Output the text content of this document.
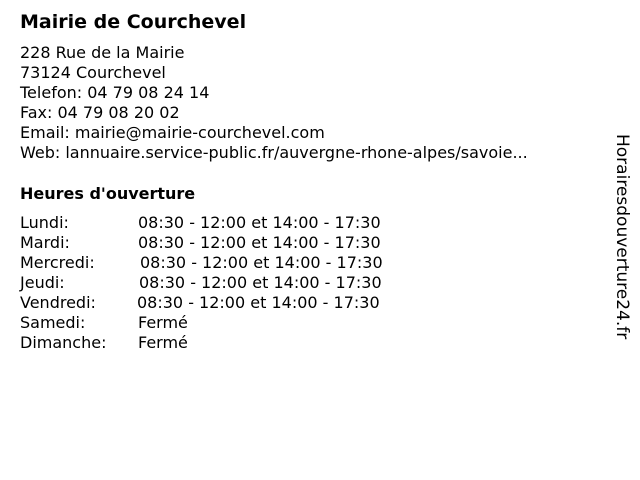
Mairie de Courchevel
228 Rue de la Mairie
73124 Courchevel
Telefon: 04 79 08 24 14
Fax: 04 79 08 20 02
Email: mairie@mairie-courchevel.com
Web: lannuaire.service-public.fr/auvergne-rhone-alpes/savoie...
Heures d'ouverture
Lundi:	08:30 - 12:00 et 14:00 - 17:30
Mardi:	08:30 - 12:00 et 14:00 - 17:30
Mercredi:	08:30 - 12:00 et 14:00 - 17:30
Jeudi:	08:30 - 12:00 et 14:00 - 17:30
Vendredi:	08:30 - 12:00 et 14:00 - 17:30
Samedi:	Fermé
Dimanche: Fermé
Horairesdouverture24.fr
